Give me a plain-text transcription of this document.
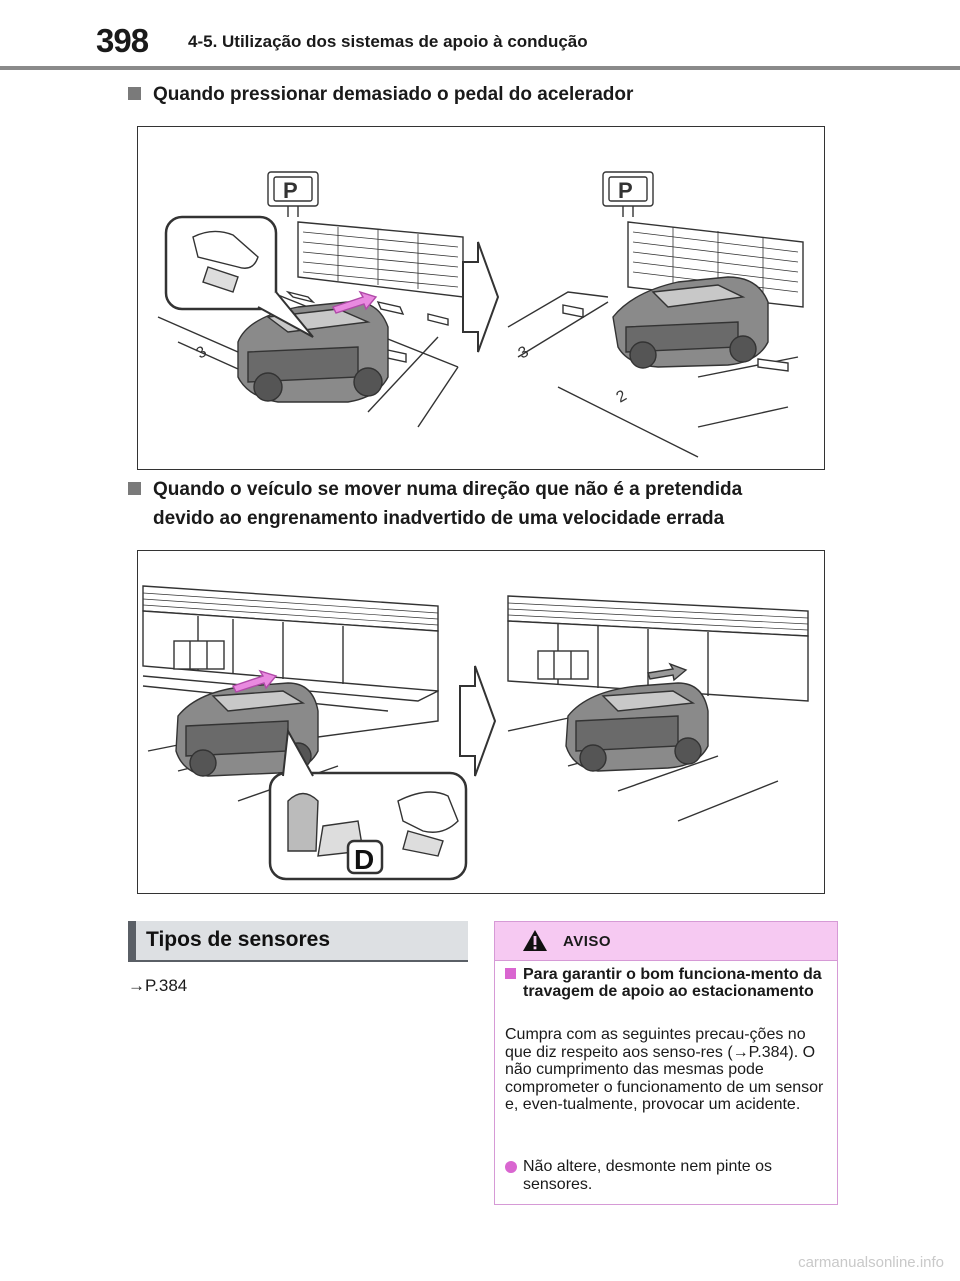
398 4-5. Utilização dos sistemas de apoio à condução
Quando pressionar demasiado o pedal do acelerador
3	3
2
P	P
Quando o veículo se mover numa direção que não é a pretendida
devido ao engrenamento inadvertido de uma velocidade errada
D
Tipos de sensores
→P.384
AVISO
Para garantir o bom funciona-mento da travagem de apoio ao estacionamento
Cumpra com as seguintes precau-ções no que diz respeito aos senso-res (→P.384). O não cumprimento das mesmas pode comprometer o funcionamento de um sensor e, even-tualmente, provocar um acidente.
Não altere, desmonte nem pinte os sensores.
carmanualsonline.info
